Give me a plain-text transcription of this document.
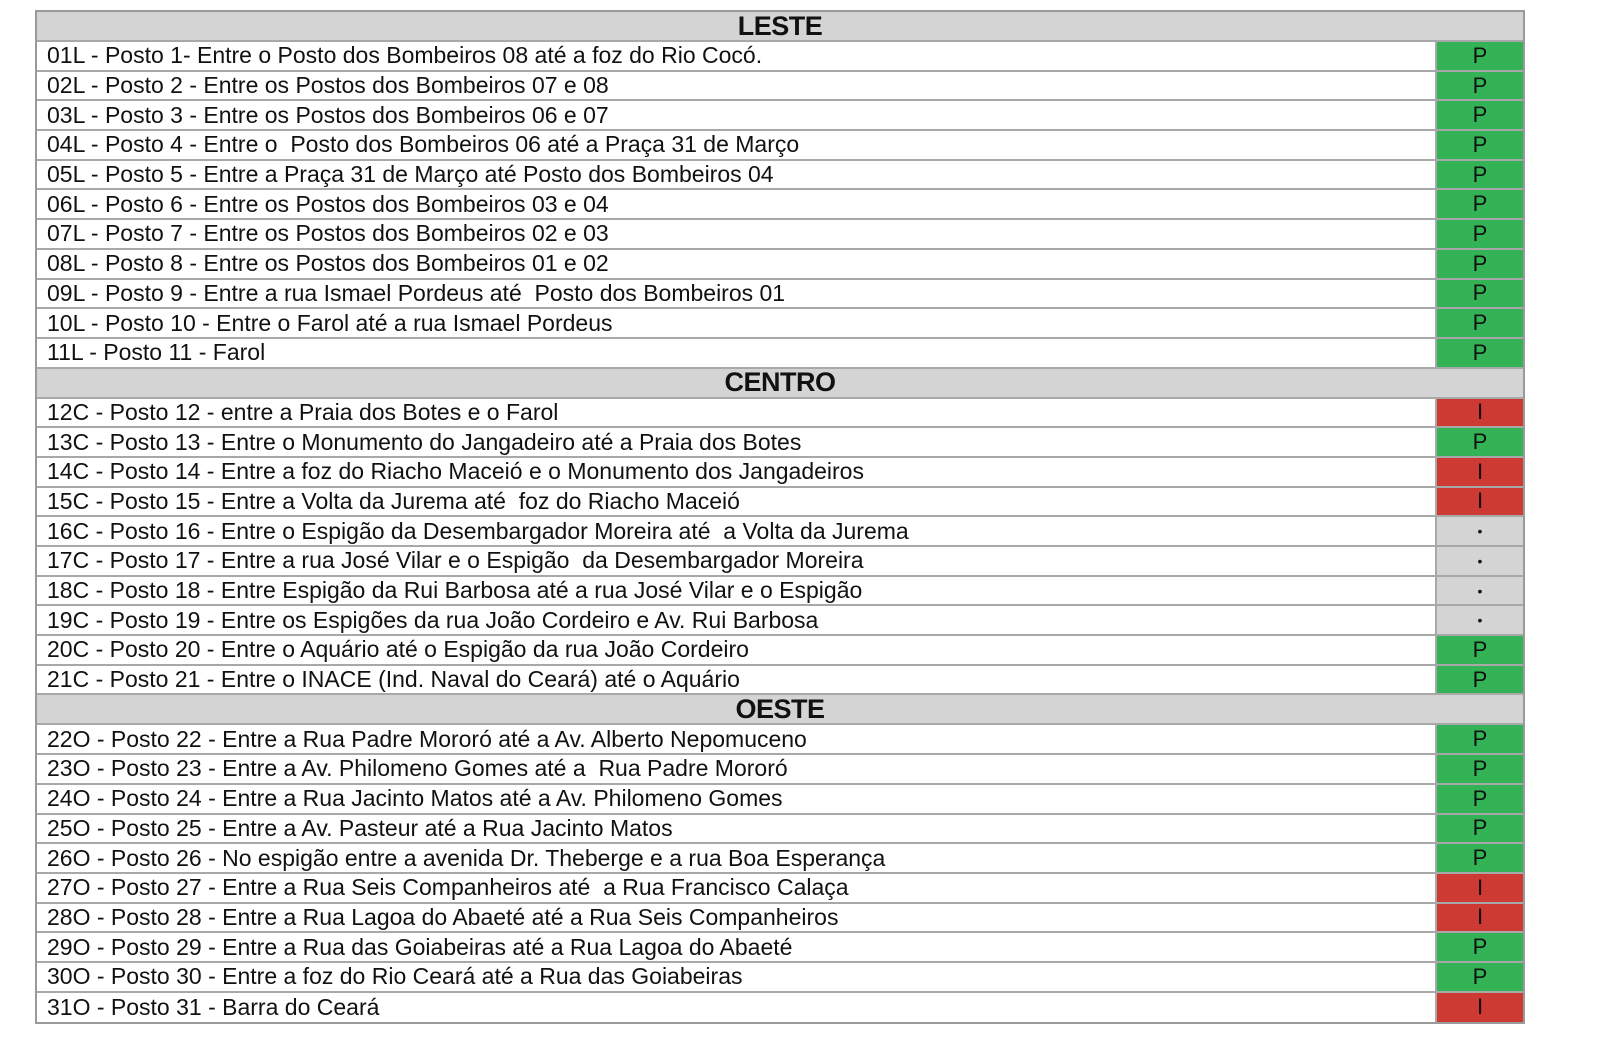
LESTE
01L - Posto 1- Entre o Posto dos Bombeiros 08 até a foz do Rio Cocó.	P
02L - Posto 2 - Entre os Postos dos Bombeiros 07 e 08	P
03L - Posto 3 - Entre os Postos dos Bombeiros 06 e 07	P
04L - Posto 4 - Entre o  Posto dos Bombeiros 06 até a Praça 31 de Março	P
05L - Posto 5 - Entre a Praça 31 de Março até Posto dos Bombeiros 04	P
06L - Posto 6 - Entre os Postos dos Bombeiros 03 e 04	P
07L - Posto 7 - Entre os Postos dos Bombeiros 02 e 03	P
08L - Posto 8 - Entre os Postos dos Bombeiros 01 e 02	P
09L - Posto 9 - Entre a rua Ismael Pordeus até  Posto dos Bombeiros 01	P
10L - Posto 10 - Entre o Farol até a rua Ismael Pordeus	P
11L - Posto 11 - Farol	P
CENTRO
12C - Posto 12 - entre a Praia dos Botes e o Farol	I
13C - Posto 13 - Entre o Monumento do Jangadeiro até a Praia dos Botes	P
14C - Posto 14 - Entre a foz do Riacho Maceió e o Monumento dos Jangadeiros	I
15C - Posto 15 - Entre a Volta da Jurema até  foz do Riacho Maceió	I
16C - Posto 16 - Entre o Espigão da Desembargador Moreira até  a Volta da Jurema	•
17C - Posto 17 - Entre a rua José Vilar e o Espigão  da Desembargador Moreira	•
18C - Posto 18 - Entre Espigão da Rui Barbosa até a rua José Vilar e o Espigão	•
19C - Posto 19 - Entre os Espigões da rua João Cordeiro e Av. Rui Barbosa	•
20C - Posto 20 - Entre o Aquário até o Espigão da rua João Cordeiro	P
21C - Posto 21 - Entre o INACE (Ind. Naval do Ceará) até o Aquário	P
OESTE
22O - Posto 22 - Entre a Rua Padre Mororó até a Av. Alberto Nepomuceno	P
23O - Posto 23 - Entre a Av. Philomeno Gomes até a  Rua Padre Mororó	P
24O - Posto 24 - Entre a Rua Jacinto Matos até a Av. Philomeno Gomes	P
25O - Posto 25 - Entre a Av. Pasteur até a Rua Jacinto Matos	P
26O - Posto 26 - No espigão entre a avenida Dr. Theberge e a rua Boa Esperança	P
27O - Posto 27 - Entre a Rua Seis Companheiros até  a Rua Francisco Calaça	I
28O - Posto 28 - Entre a Rua Lagoa do Abaeté até a Rua Seis Companheiros	I
29O - Posto 29 - Entre a Rua das Goiabeiras até a Rua Lagoa do Abaeté	P
30O - Posto 30 - Entre a foz do Rio Ceará até a Rua das Goiabeiras	P
31O - Posto 31 - Barra do Ceará	I
